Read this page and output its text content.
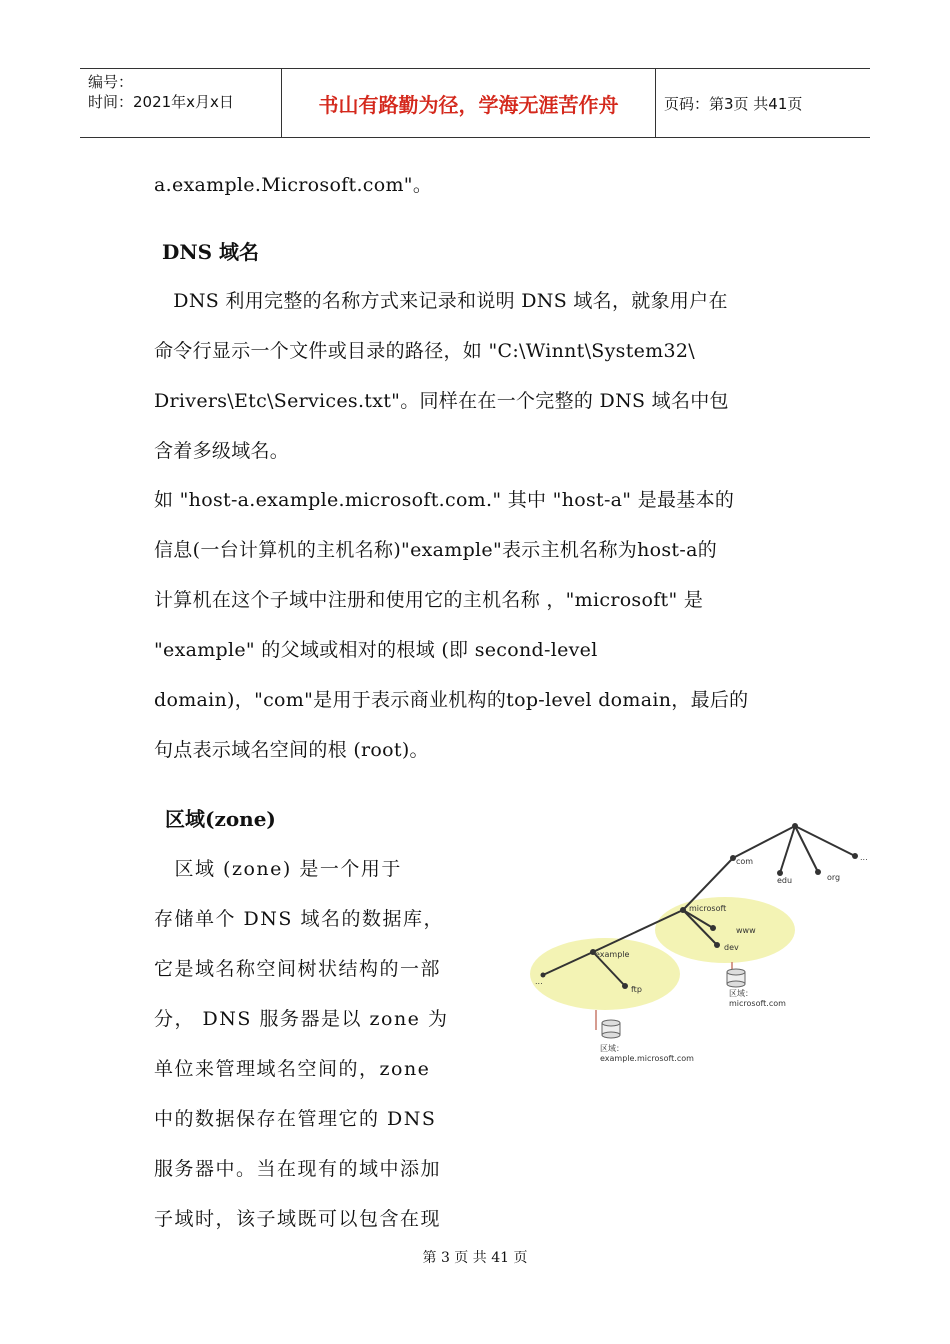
编号：
时间：2021年x月x日	书山有路勤为径，学海无涯苦作舟	页码：第3页 共41页
a.example.Microsoft.com"。
DNS 域名
　DNS 利用完整的名称方式来记录和说明 DNS 域名，就象用户在
命令行显示一个文件或目录的路径，如 "C:\Winnt\System32\
Drivers\Etc\Services.txt"。同样在在一个完整的 DNS 域名中包
含着多级域名。
如 "host-a.example.microsoft.com." 其中 "host-a" 是最基本的
信息(一台计算机的主机名称)"example"表示主机名称为host-a的
计算机在这个子域中注册和使用它的主机名称 ，"microsoft" 是
"example" 的父域或相对的根域 (即 second-level
domain)，"com"是用于表示商业机构的top-level domain，最后的
句点表示域名空间的根 (root)。
区域(zone)
　区域 (zone) 是一个用于
存储单个 DNS 域名的数据库，
它是域名称空间树状结构的一部
分， DNS 服务器是以 zone 为
单位来管理域名空间的，zone
中的数据保存在管理它的 DNS
服务器中。当在现有的域中添加
子域时，该子域既可以包含在现
com
edu	org
...
microsoft
www
dev
example
ftp
...
区域：
microsoft.com
区域：
example.microsoft.com
第 3 页 共 41 页
